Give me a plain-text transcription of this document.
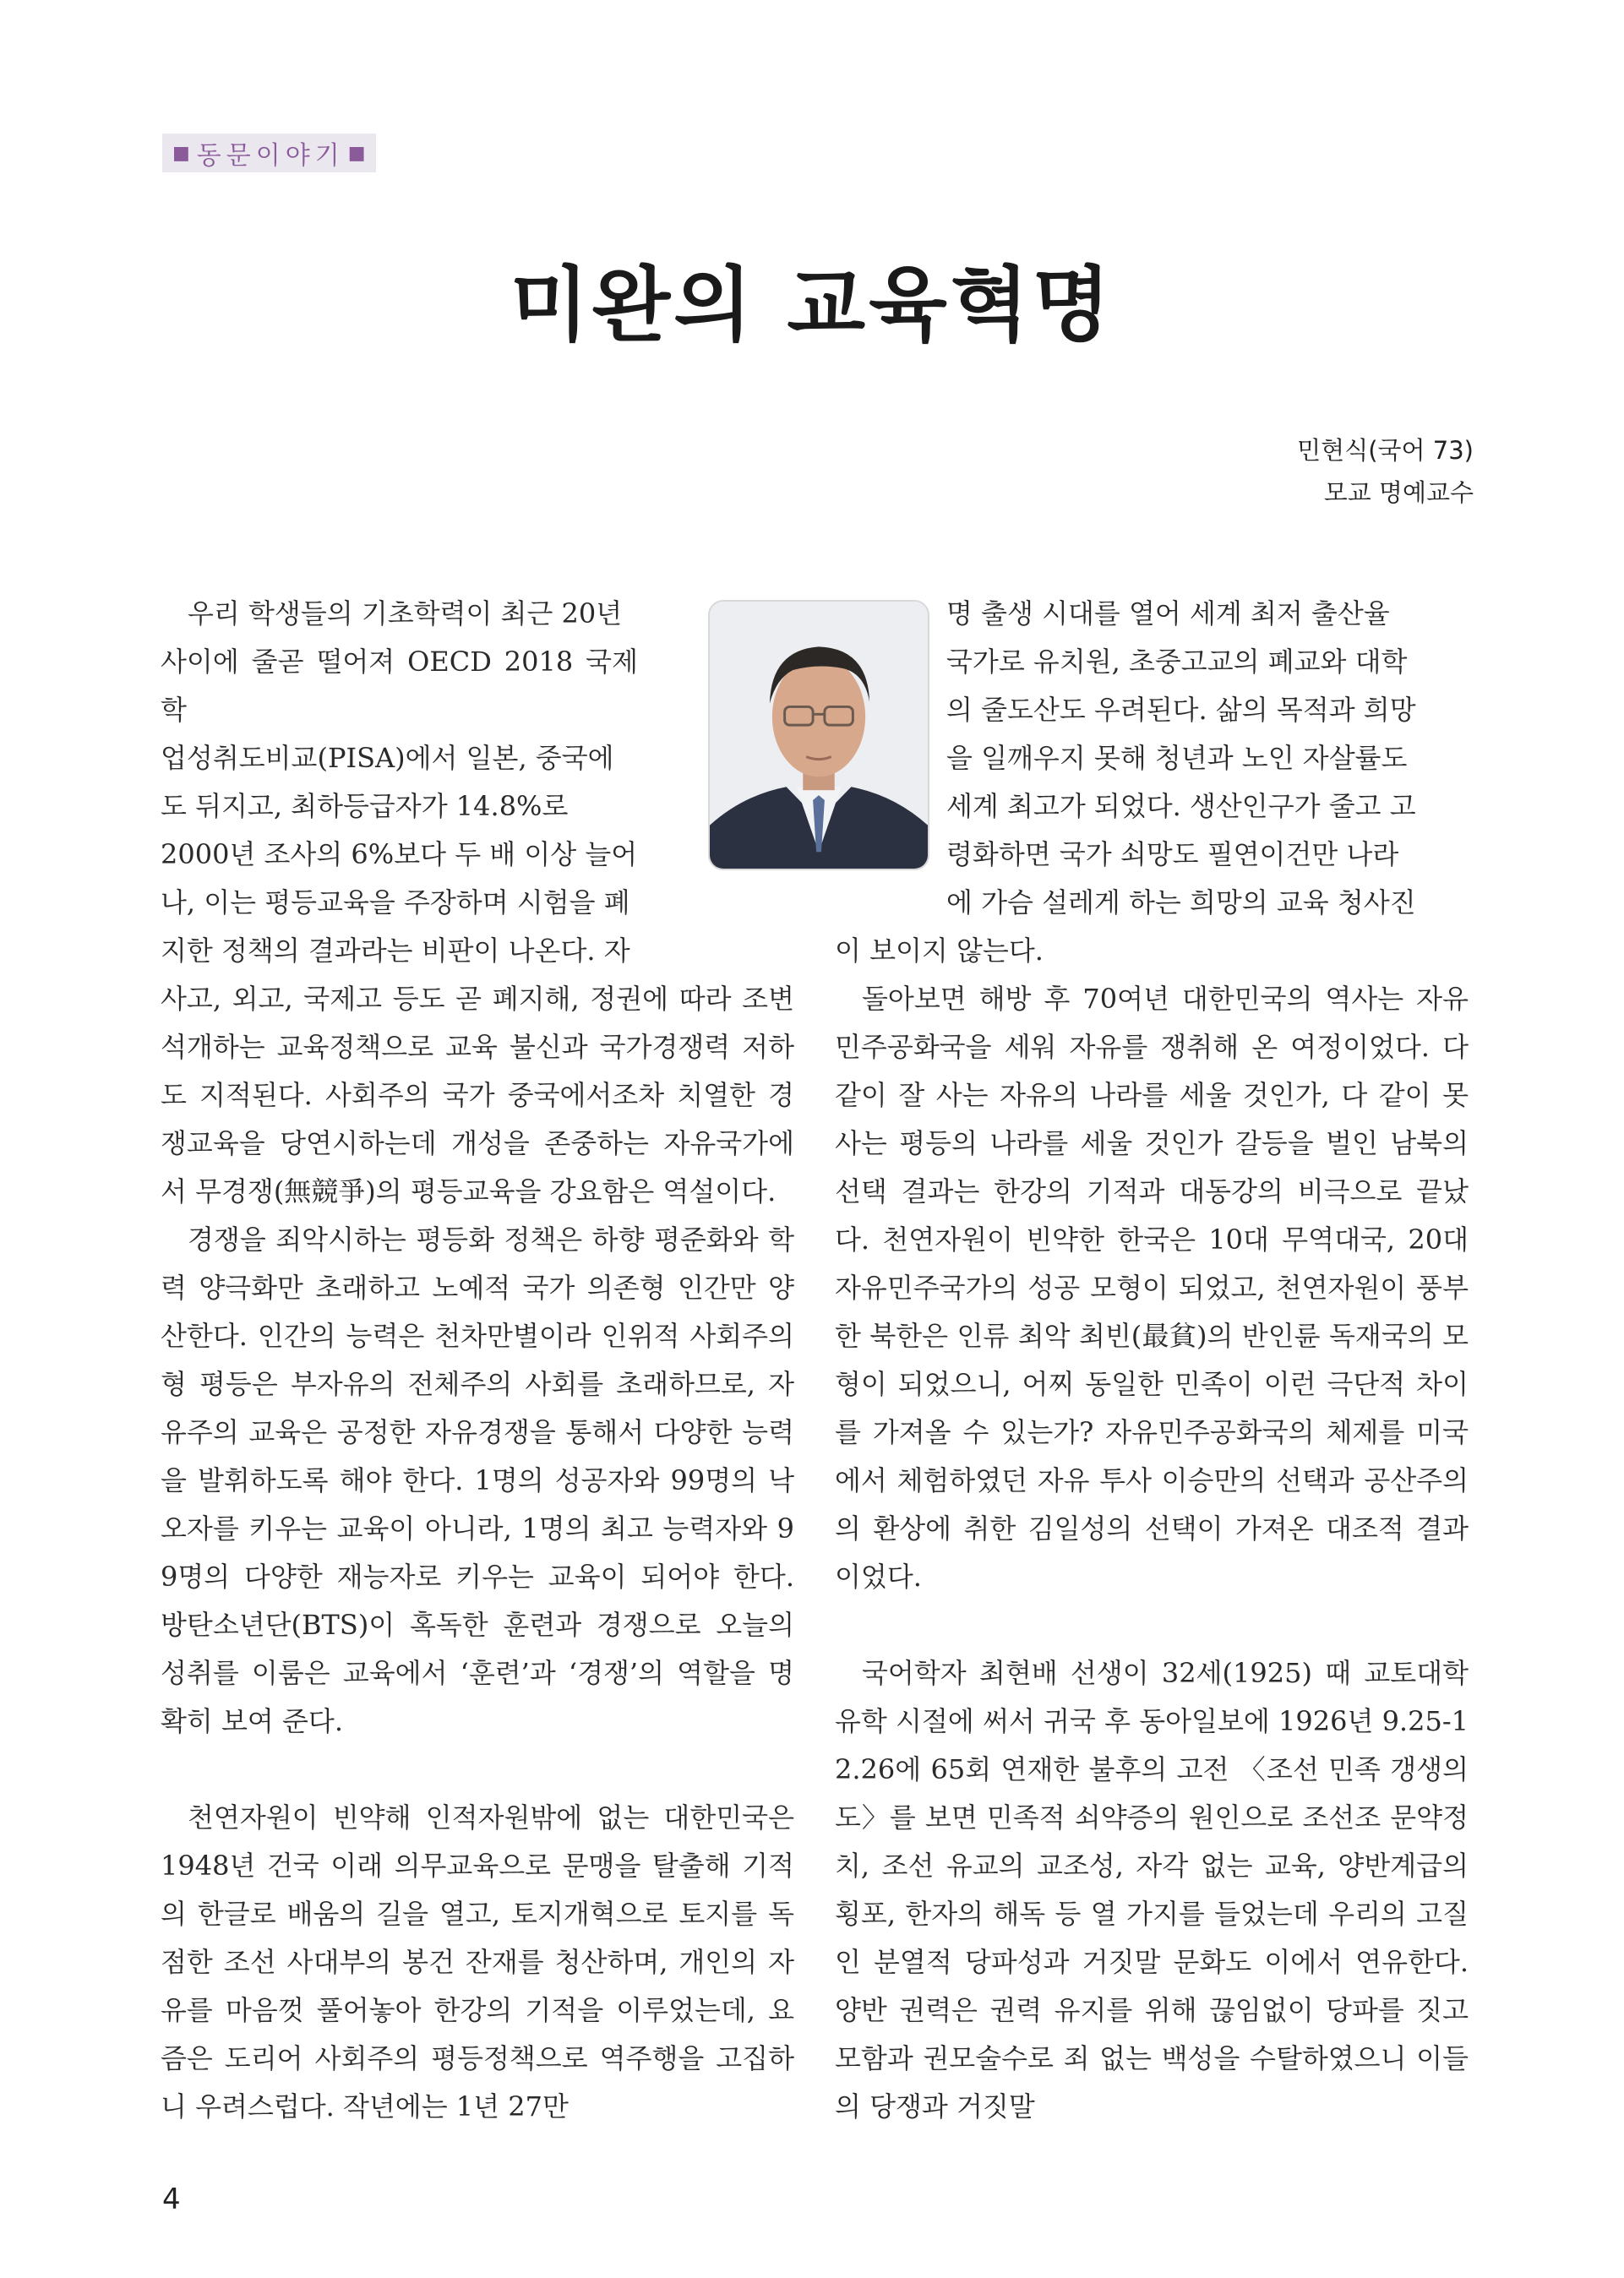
■ 동문이야기 ■
미완의 교육혁명
민현식(국어 73)
모교 명예교수
우리 학생들의 기초학력이 최근 20년
사이에 줄곧 떨어져 OECD 2018 국제학
업성취도비교(PISA)에서 일본, 중국에
도 뒤지고, 최하등급자가 14.8%로
2000년 조사의 6%보다 두 배 이상 늘어
나, 이는 평등교육을 주장하며 시험을 폐
지한 정책의 결과라는 비판이 나온다. 자

사고, 외고, 국제고 등도 곧 폐지해, 정권에 따라 조변석개하는 교육정책으로 교육 불신과 국가경쟁력 저하도 지적된다. 사회주의 국가 중국에서조차 치열한 경쟁교육을 당연시하는데 개성을 존중하는 자유국가에서 무경쟁(無競爭)의 평등교육을 강요함은 역설이다.

경쟁을 죄악시하는 평등화 정책은 하향 평준화와 학력 양극화만 초래하고 노예적 국가 의존형 인간만 양산한다. 인간의 능력은 천차만별이라 인위적 사회주의형 평등은 부자유의 전체주의 사회를 초래하므로, 자유주의 교육은 공정한 자유경쟁을 통해서 다양한 능력을 발휘하도록 해야 한다. 1명의 성공자와 99명의 낙오자를 키우는 교육이 아니라, 1명의 최고 능력자와 99명의 다양한 재능자로 키우는 교육이 되어야 한다. 방탄소년단(BTS)이 혹독한 훈련과 경쟁으로 오늘의 성취를 이룸은 교육에서 ‘훈련’과 ‘경쟁’의 역할을 명확히 보여 준다.

천연자원이 빈약해 인적자원밖에 없는 대한민국은 1948년 건국 이래 의무교육으로 문맹을 탈출해 기적의 한글로 배움의 길을 열고, 토지개혁으로 토지를 독점한 조선 사대부의 봉건 잔재를 청산하며, 개인의 자유를 마음껏 풀어놓아 한강의 기적을 이루었는데, 요즘은 도리어 사회주의 평등정책으로 역주행을 고집하니 우려스럽다. 작년에는 1년 27만

명 출생 시대를 열어 세계 최저 출산율
국가로 유치원, 초중고교의 폐교와 대학
의 줄도산도 우려된다. 삶의 목적과 희망
을 일깨우지 못해 청년과 노인 자살률도
세계 최고가 되었다. 생산인구가 줄고 고
령화하면 국가 쇠망도 필연이건만 나라
에 가슴 설레게 하는 희망의 교육 청사진

이 보이지 않는다.

돌아보면 해방 후 70여년 대한민국의 역사는 자유민주공화국을 세워 자유를 쟁취해 온 여정이었다. 다 같이 잘 사는 자유의 나라를 세울 것인가, 다 같이 못사는 평등의 나라를 세울 것인가 갈등을 벌인 남북의 선택 결과는 한강의 기적과 대동강의 비극으로 끝났다. 천연자원이 빈약한 한국은 10대 무역대국, 20대 자유민주국가의 성공 모형이 되었고, 천연자원이 풍부한 북한은 인류 최악 최빈(最貧)의 반인륜 독재국의 모형이 되었으니, 어찌 동일한 민족이 이런 극단적 차이를 가져올 수 있는가? 자유민주공화국의 체제를 미국에서 체험하였던 자유 투사 이승만의 선택과 공산주의의 환상에 취한 김일성의 선택이 가져온 대조적 결과이었다.

국어학자 최현배 선생이 32세(1925) 때 교토대학 유학 시절에 써서 귀국 후 동아일보에 1926년 9.25-12.26에 65회 연재한 불후의 고전 〈조선 민족 갱생의 도〉를 보면 민족적 쇠약증의 원인으로 조선조 문약정치, 조선 유교의 교조성, 자각 없는 교육, 양반계급의 횡포, 한자의 해독 등 열 가지를 들었는데 우리의 고질인 분열적 당파성과 거짓말 문화도 이에서 연유한다. 양반 권력은 권력 유지를 위해 끊임없이 당파를 짓고 모함과 권모술수로 죄 없는 백성을 수탈하였으니 이들의 당쟁과 거짓말

4
